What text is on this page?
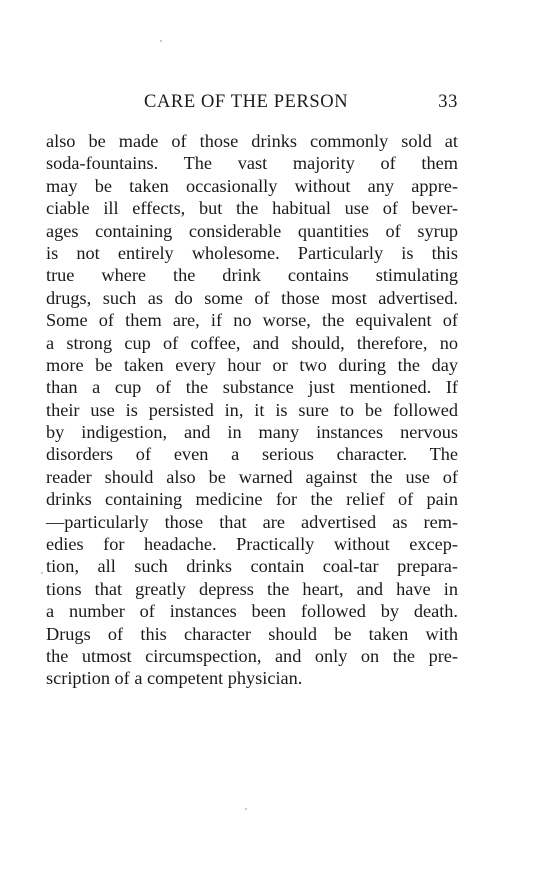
CARE OF THE PERSON	33
also be made of those drinks commonly sold at
soda-fountains. The vast majority of them
may be taken occasionally without any appre-
ciable ill effects, but the habitual use of bever-
ages containing considerable quantities of syrup
is not entirely wholesome. Particularly is this
true where the drink contains stimulating
drugs, such as do some of those most advertised.
Some of them are, if no worse, the equivalent of
a strong cup of coffee, and should, therefore, no
more be taken every hour or two during the day
than a cup of the substance just mentioned. If
their use is persisted in, it is sure to be followed
by indigestion, and in many instances nervous
disorders of even a serious character. The
reader should also be warned against the use of
drinks containing medicine for the relief of pain
—particularly those that are advertised as rem-
edies for headache. Practically without excep-
tion, all such drinks contain coal-tar prepara-
tions that greatly depress the heart, and have in
a number of instances been followed by death.
Drugs of this character should be taken with
the utmost circumspection, and only on the pre-
scription of a competent physician.
